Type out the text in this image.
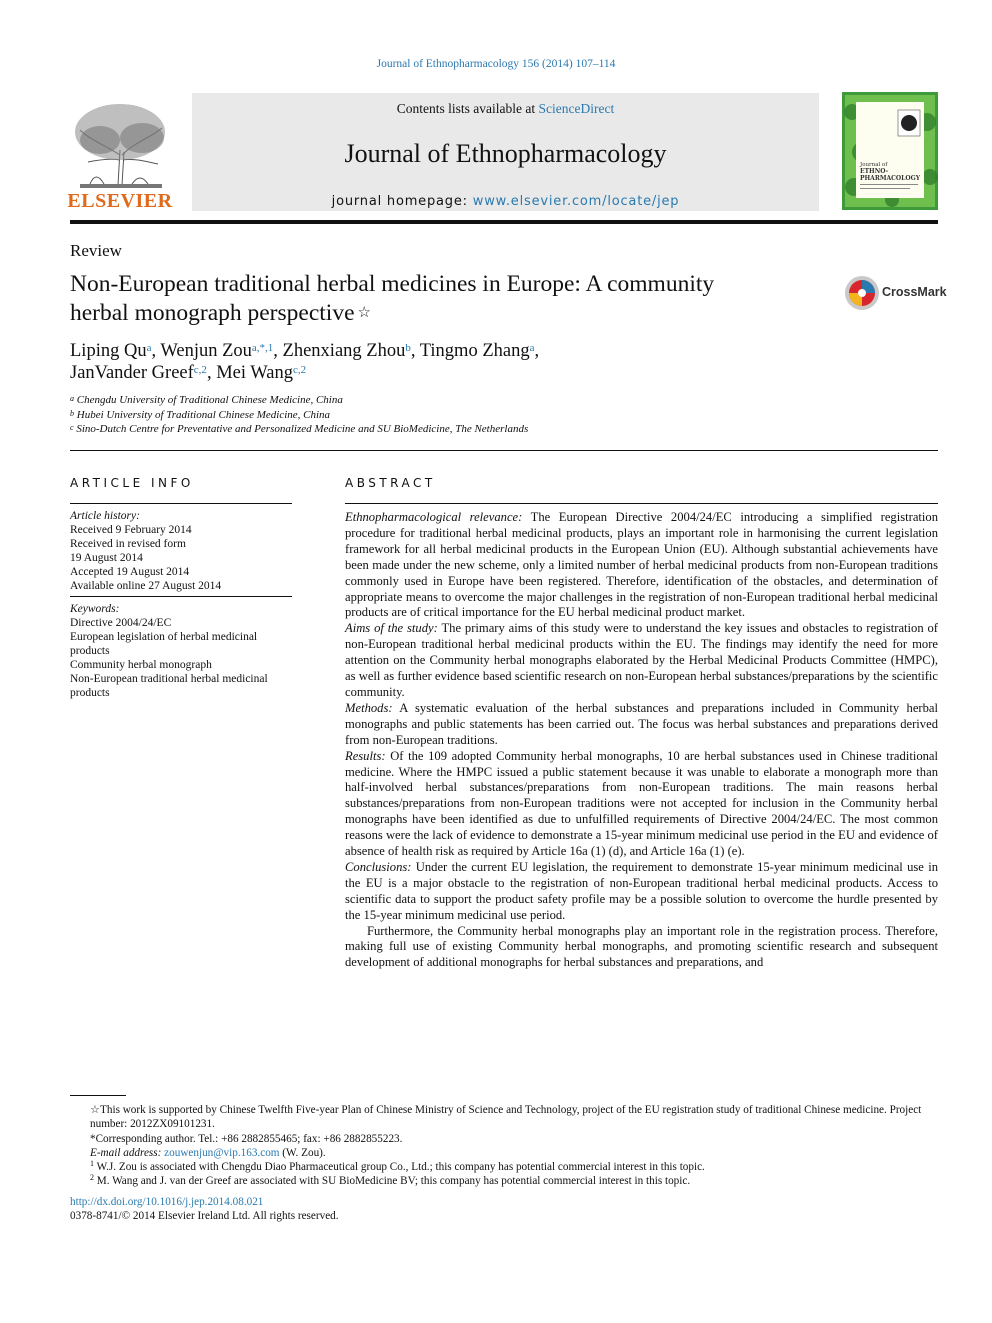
Journal of Ethnopharmacology 156 (2014) 107–114
ELSEVIER
Contents lists available at ScienceDirect
Journal of Ethnopharmacology
journal homepage: www.elsevier.com/locate/jep
Journal of
ETHNO-
PHARMACOLOGY
Review
Non-European traditional herbal medicines in Europe: A community
herbal monograph perspective ☆
CrossMark
Liping Qu$^a$, Wenjun Zou$^{a,*,1}$, Zhenxiang Zhou$^b$, Tingmo Zhang$^a$,
JanVander Greef$^{c,2}$, Mei Wang$^{c,2}$
$^a$ Chengdu University of Traditional Chinese Medicine, China
$^b$ Hubei University of Traditional Chinese Medicine, China
$^c$ Sino-Dutch Centre for Preventative and Personalized Medicine and SU BioMedicine, The Netherlands
ARTICLE INFO
Article history:
Received 9 February 2014
Received in revised form
19 August 2014
Accepted 19 August 2014
Available online 27 August 2014
Keywords:
Directive 2004/24/EC
European legislation of herbal medicinal products
Community herbal monograph
Non-European traditional herbal medicinal products
ABSTRACT

Ethnopharmacological relevance: The European Directive 2004/24/EC introducing a simplified registration procedure for traditional herbal medicinal products, plays an important role in harmonising the current legislation framework for all herbal medicinal products in the European Union (EU). Although substantial achievements have been made under the new scheme, only a limited number of herbal medicinal products from non-European traditions commonly used in Europe have been registered. Therefore, identification of the obstacles, and determination of appropriate means to overcome the major challenges in the registration of non-European traditional herbal medicinal products are of critical importance for the EU herbal medicinal product market.

Aims of the study: The primary aims of this study were to understand the key issues and obstacles to registration of non-European traditional herbal medicinal products within the EU. The findings may identify the need for more attention on the Community herbal monographs elaborated by the Herbal Medicinal Products Committee (HMPC), as well as further evidence based scientific research on non-European herbal substances/preparations by the scientific community.

Methods: A systematic evaluation of the herbal substances and preparations included in Community herbal monographs and public statements has been carried out. The focus was herbal substances and preparations derived from non-European traditions.

Results: Of the 109 adopted Community herbal monographs, 10 are herbal substances used in Chinese traditional medicine. Where the HMPC issued a public statement because it was unable to elaborate a monograph more than half-involved herbal substances/preparations from non-European traditions. The main reasons herbal substances/preparations from non-European traditions were not accepted for inclusion in the Community herbal monographs have been identified as due to unfulfilled requirements of Directive 2004/24/EC. The most common reasons were the lack of evidence to demonstrate a 15-year minimum medicinal use period in the EU and evidence of absence of health risk as required by Article 16a (1) (d), and Article 16a (1) (e).

Conclusions: Under the current EU legislation, the requirement to demonstrate 15-year minimum medicinal use in the EU is a major obstacle to the registration of non-European traditional herbal medicinal products. Access to scientific data to support the product safety profile may be a possible solution to overcome the hurdle presented by the 15-year minimum medicinal use period.

Furthermore, the Community herbal monographs play an important role in the registration process. Therefore, making full use of existing Community herbal monographs, and promoting scientific research and subsequent development of additional monographs for herbal substances and preparations, and

☆This work is supported by Chinese Twelfth Five-year Plan of Chinese Ministry of Science and Technology, project of the EU registration study of traditional Chinese medicine. Project number: 2012ZX09101231.

*Corresponding author. Tel.: +86 2882855465; fax: +86 2882855223.

E-mail address: zouwenjun@vip.163.com (W. Zou).

$^1$ W.J. Zou is associated with Chengdu Diao Pharmaceutical group Co., Ltd.; this company has potential commercial interest in this topic.

$^2$ M. Wang and J. van der Greef are associated with SU BioMedicine BV; this company has potential commercial interest in this topic.

http://dx.doi.org/10.1016/j.jep.2014.08.021

0378-8741/© 2014 Elsevier Ireland Ltd. All rights reserved.
